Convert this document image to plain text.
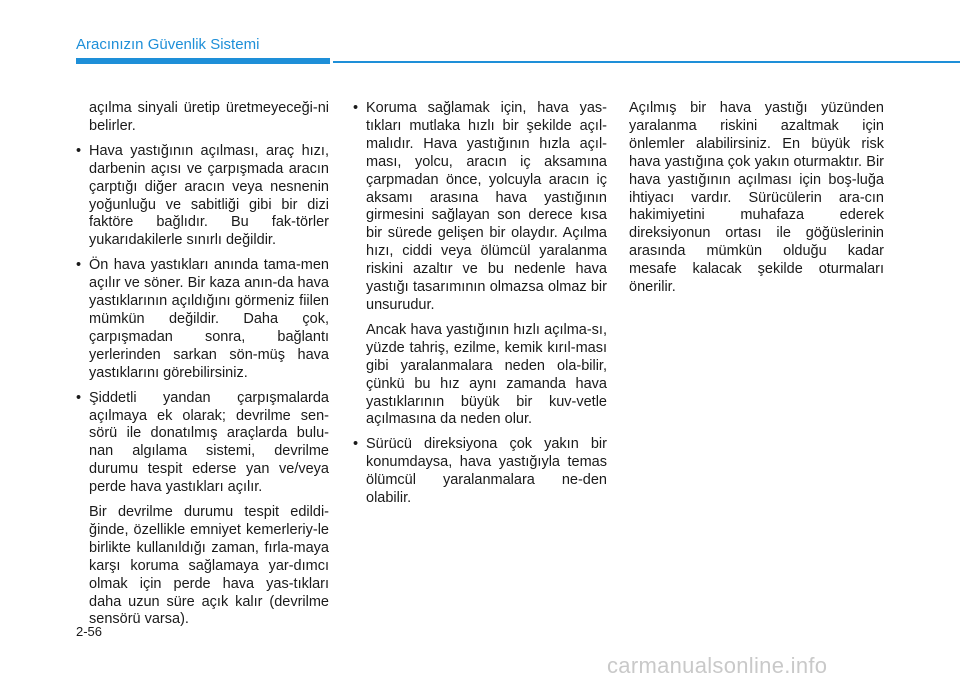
Aracınızın Güvenlik Sistemi

açılma sinyali üretip üretmeyeceği-ni belirler.

• Hava yastığının açılması, araç hızı, darbenin açısı ve çarpışmada aracın çarptığı diğer aracın veya nesnenin yoğunluğu ve sabitliği gibi bir dizi faktöre bağlıdır. Bu fak-törler yukarıdakilerle sınırlı değildir.

• Ön hava yastıkları anında tama-men açılır ve söner. Bir kaza anın-da hava yastıklarının açıldığını görmeniz fiilen mümkün değildir. Daha çok, çarpışmadan sonra, bağlantı yerlerinden sarkan sön-müş hava yastıklarını görebilirsiniz.

• Şiddetli yandan çarpışmalarda açılmaya ek olarak; devrilme sen-sörü ile donatılmış araçlarda bulu-nan algılama sistemi, devrilme durumu tespit ederse yan ve/veya perde hava yastıkları açılır.

Bir devrilme durumu tespit edildi-ğinde, özellikle emniyet kemerleriy-le birlikte kullanıldığı zaman, fırla-maya karşı koruma sağlamaya yar-dımcı olmak için perde hava yas-tıkları daha uzun süre açık kalır (devrilme sensörü varsa).

• Koruma sağlamak için, hava yas-tıkları mutlaka hızlı bir şekilde açıl-malıdır. Hava yastığının hızla açıl-ması, yolcu, aracın iç aksamına çarpmadan önce, yolcuyla aracın iç aksamı arasına hava yastığının girmesini sağlayan son derece kısa bir sürede gelişen bir olaydır. Açılma hızı, ciddi veya ölümcül yaralanma riskini azaltır ve bu nedenle hava yastığı tasarımının olmazsa olmaz bir unsurudur.

Ancak hava yastığının hızlı açılma-sı, yüzde tahriş, ezilme, kemik kırıl-ması gibi yaralanmalara neden ola-bilir, çünkü bu hız aynı zamanda hava yastıklarının büyük bir kuv-vetle açılmasına da neden olur.

• Sürücü direksiyona çok yakın bir konumdaysa, hava yastığıyla temas ölümcül yaralanmalara ne-den olabilir.

Açılmış bir hava yastığı yüzünden yaralanma riskini azaltmak için önlemler alabilirsiniz. En büyük risk hava yastığına çok yakın oturmaktır. Bir hava yastığının açılması için boş-luğa ihtiyacı vardır. Sürücülerin ara-cın hakimiyetini muhafaza ederek direksiyonun ortası ile göğüslerinin arasında mümkün olduğu kadar mesafe kalacak şekilde oturmaları önerilir.

2-56
carmanualsonline.info
